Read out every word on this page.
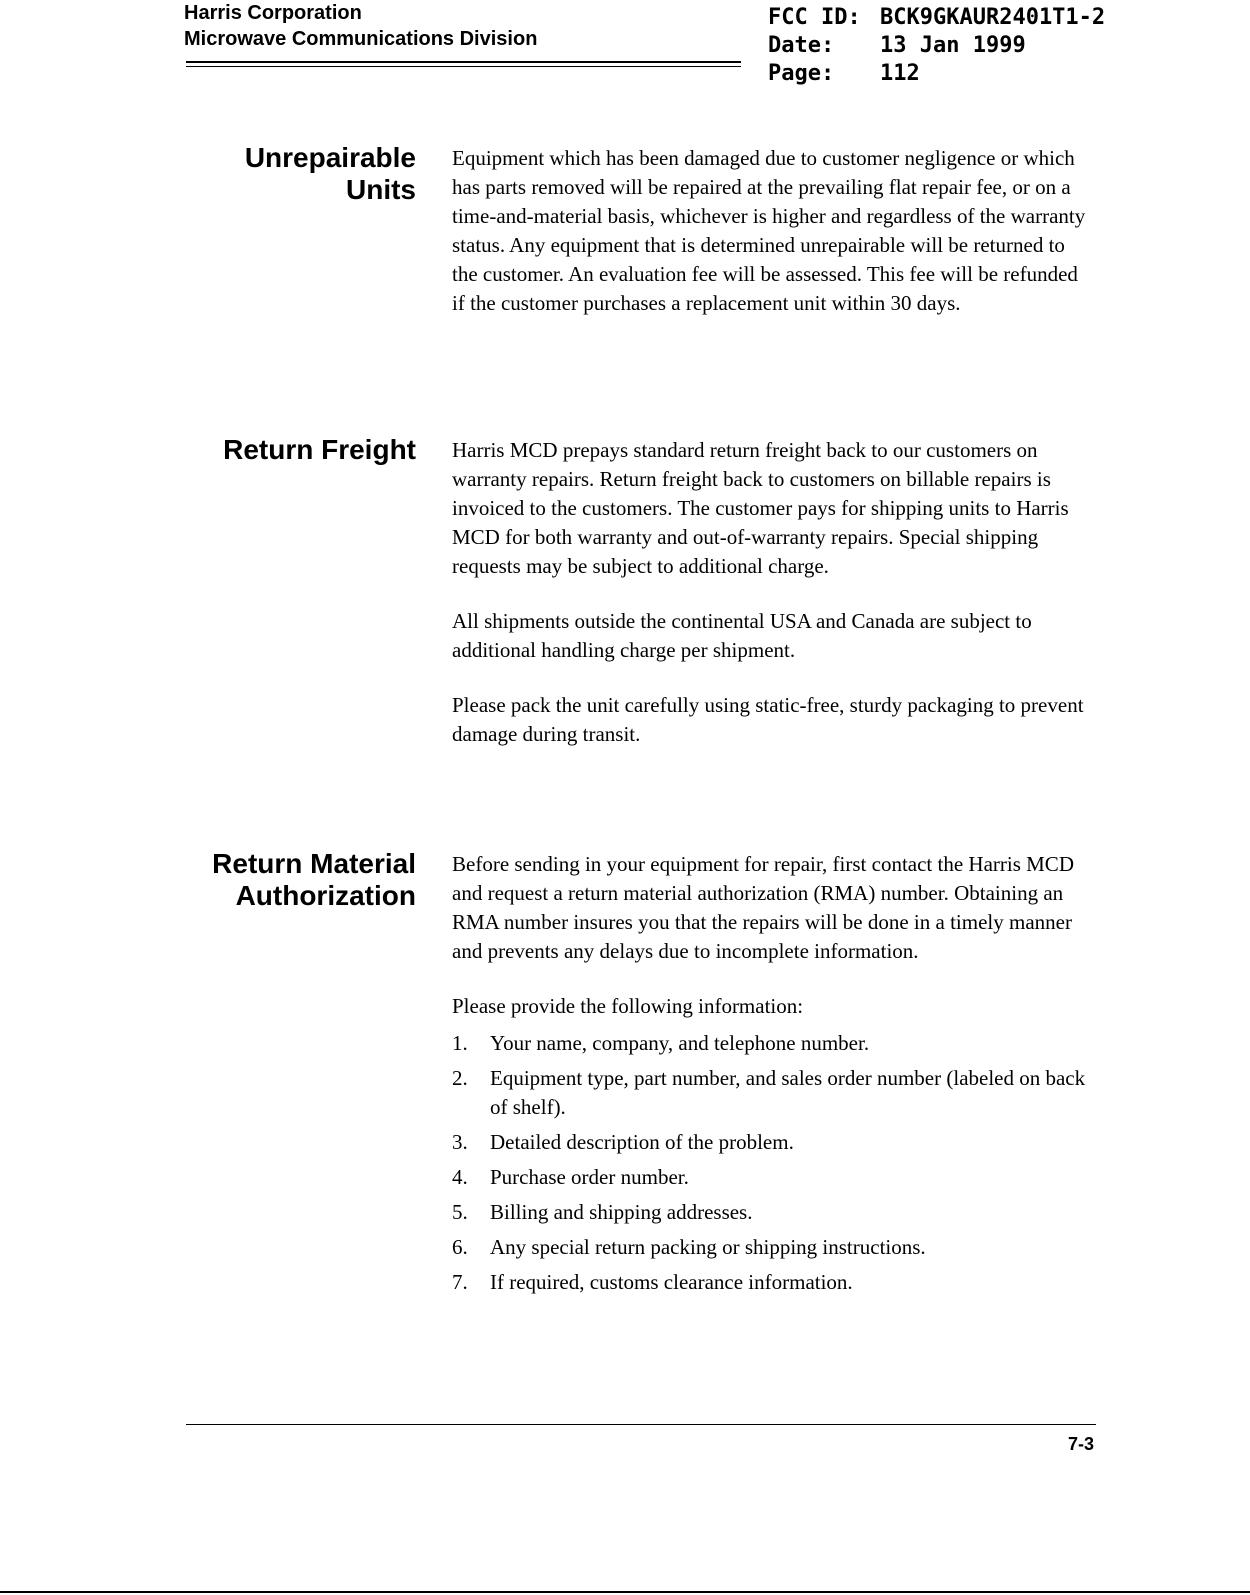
Harris Corporation
Microwave Communications Division
FCC ID: BCK9GKAUR2401T1-2
Date:	13 Jan 1999
Page:	112
Unrepairable
Units

Equipment which has been damaged due to customer negligence or which has parts removed will be repaired at the prevailing flat repair fee, or on a time-and-material basis, whichever is higher and regardless of the warranty status. Any equipment that is determined unrepairable will be returned to the customer. An evaluation fee will be assessed. This fee will be refunded if the customer purchases a replacement unit within 30 days.

Return Freight Harris MCD prepays standard return freight back to our customers on warranty repairs. Return freight back to customers on billable repairs is invoiced to the customers. The customer pays for shipping units to Harris MCD for both warranty and out-of-warranty repairs. Special shipping requests may be subject to additional charge.

All shipments outside the continental USA and Canada are subject to additional handling charge per shipment.

Please pack the unit carefully using static-free, sturdy packaging to prevent damage during transit.

Return Material
Authorization

Before sending in your equipment for repair, first contact the Harris MCD and request a return material authorization (RMA) number. Obtaining an RMA number insures you that the repairs will be done in a timely manner and prevents any delays due to incomplete information.

Please provide the following information:

1.	Your name, company, and telephone number.
2.	Equipment type, part number, and sales order number (labeled on back of shelf).
3.	Detailed description of the problem.
4.	Purchase order number.
5.	Billing and shipping addresses.
6.	Any special return packing or shipping instructions.
7.	If required, customs clearance information.
7-3
